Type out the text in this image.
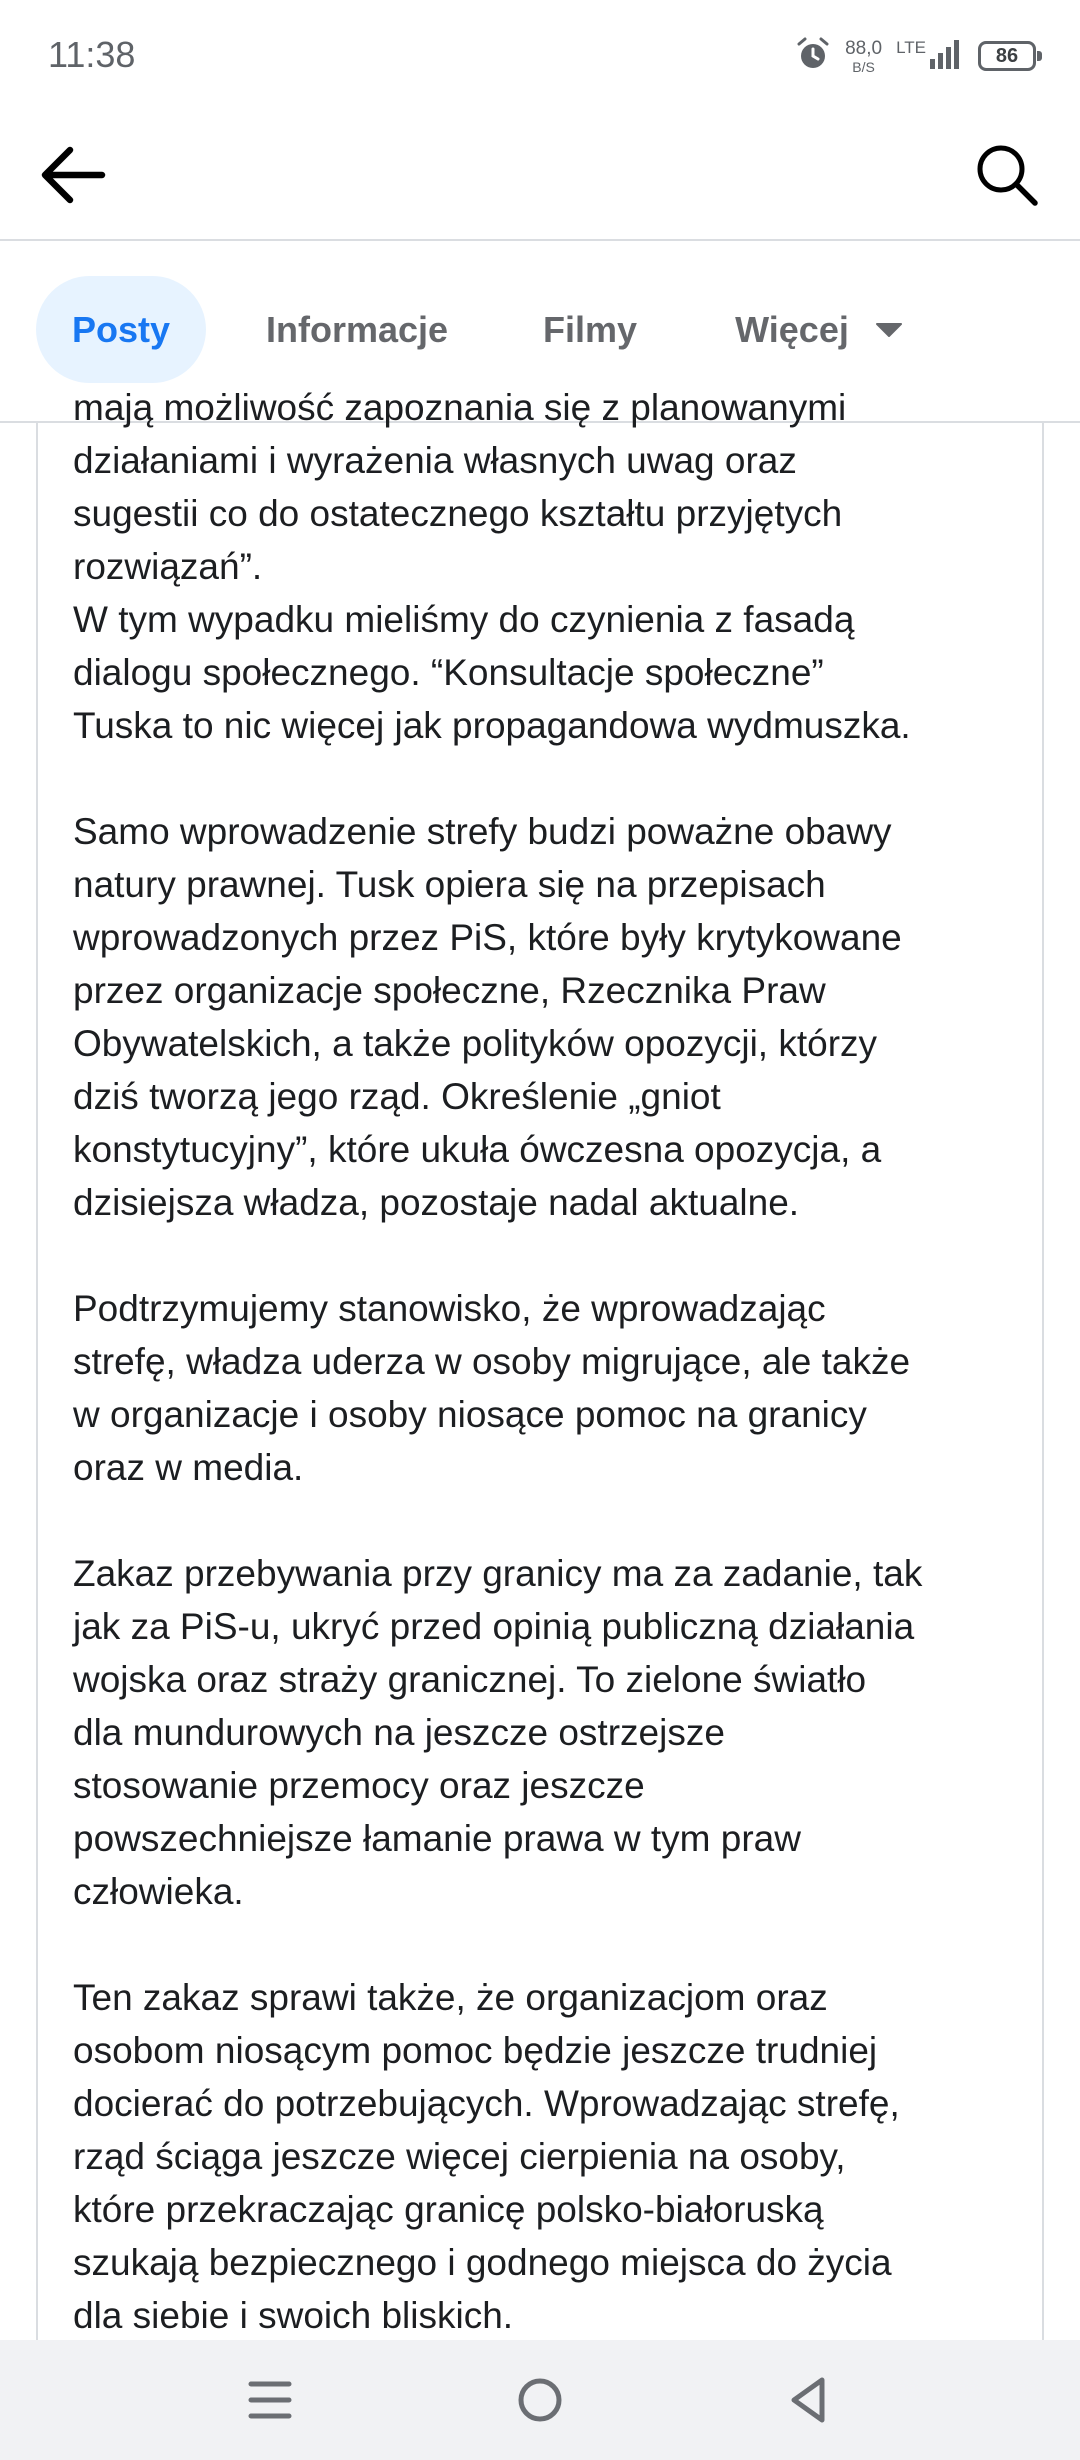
11:38	88,0
B/S
LTE	86
Posty	Informacje	Filmy	Więcej

mają możliwość zapoznania się z planowanymi

działaniami i wyrażenia własnych uwag oraz

sugestii co do ostatecznego kształtu przyjętych

rozwiązań”.

W tym wypadku mieliśmy do czynienia z fasadą

dialogu społecznego. “Konsultacje społeczne”

Tuska to nic więcej jak propagandowa wydmuszka.

Samo wprowadzenie strefy budzi poważne obawy

natury prawnej. Tusk opiera się na przepisach

wprowadzonych przez PiS, które były krytykowane

przez organizacje społeczne, Rzecznika Praw

Obywatelskich, a także polityków opozycji, którzy

dziś tworzą jego rząd. Określenie „gniot

konstytucyjny”, które ukuła ówczesna opozycja, a

dzisiejsza władza, pozostaje nadal aktualne.

Podtrzymujemy stanowisko, że wprowadzając

strefę, władza uderza w osoby migrujące, ale także

w organizacje i osoby niosące pomoc na granicy

oraz w media.

Zakaz przebywania przy granicy ma za zadanie, tak

jak za PiS-u, ukryć przed opinią publiczną działania

wojska oraz straży granicznej. To zielone światło

dla mundurowych na jeszcze ostrzejsze

stosowanie przemocy oraz jeszcze

powszechniejsze łamanie prawa w tym praw

człowieka.

Ten zakaz sprawi także, że organizacjom oraz

osobom niosącym pomoc będzie jeszcze trudniej

docierać do potrzebujących. Wprowadzając strefę,

rząd ściąga jeszcze więcej cierpienia na osoby,

które przekraczając granicę polsko-białoruską

szukają bezpiecznego i godnego miejsca do życia

dla siebie i swoich bliskich.
